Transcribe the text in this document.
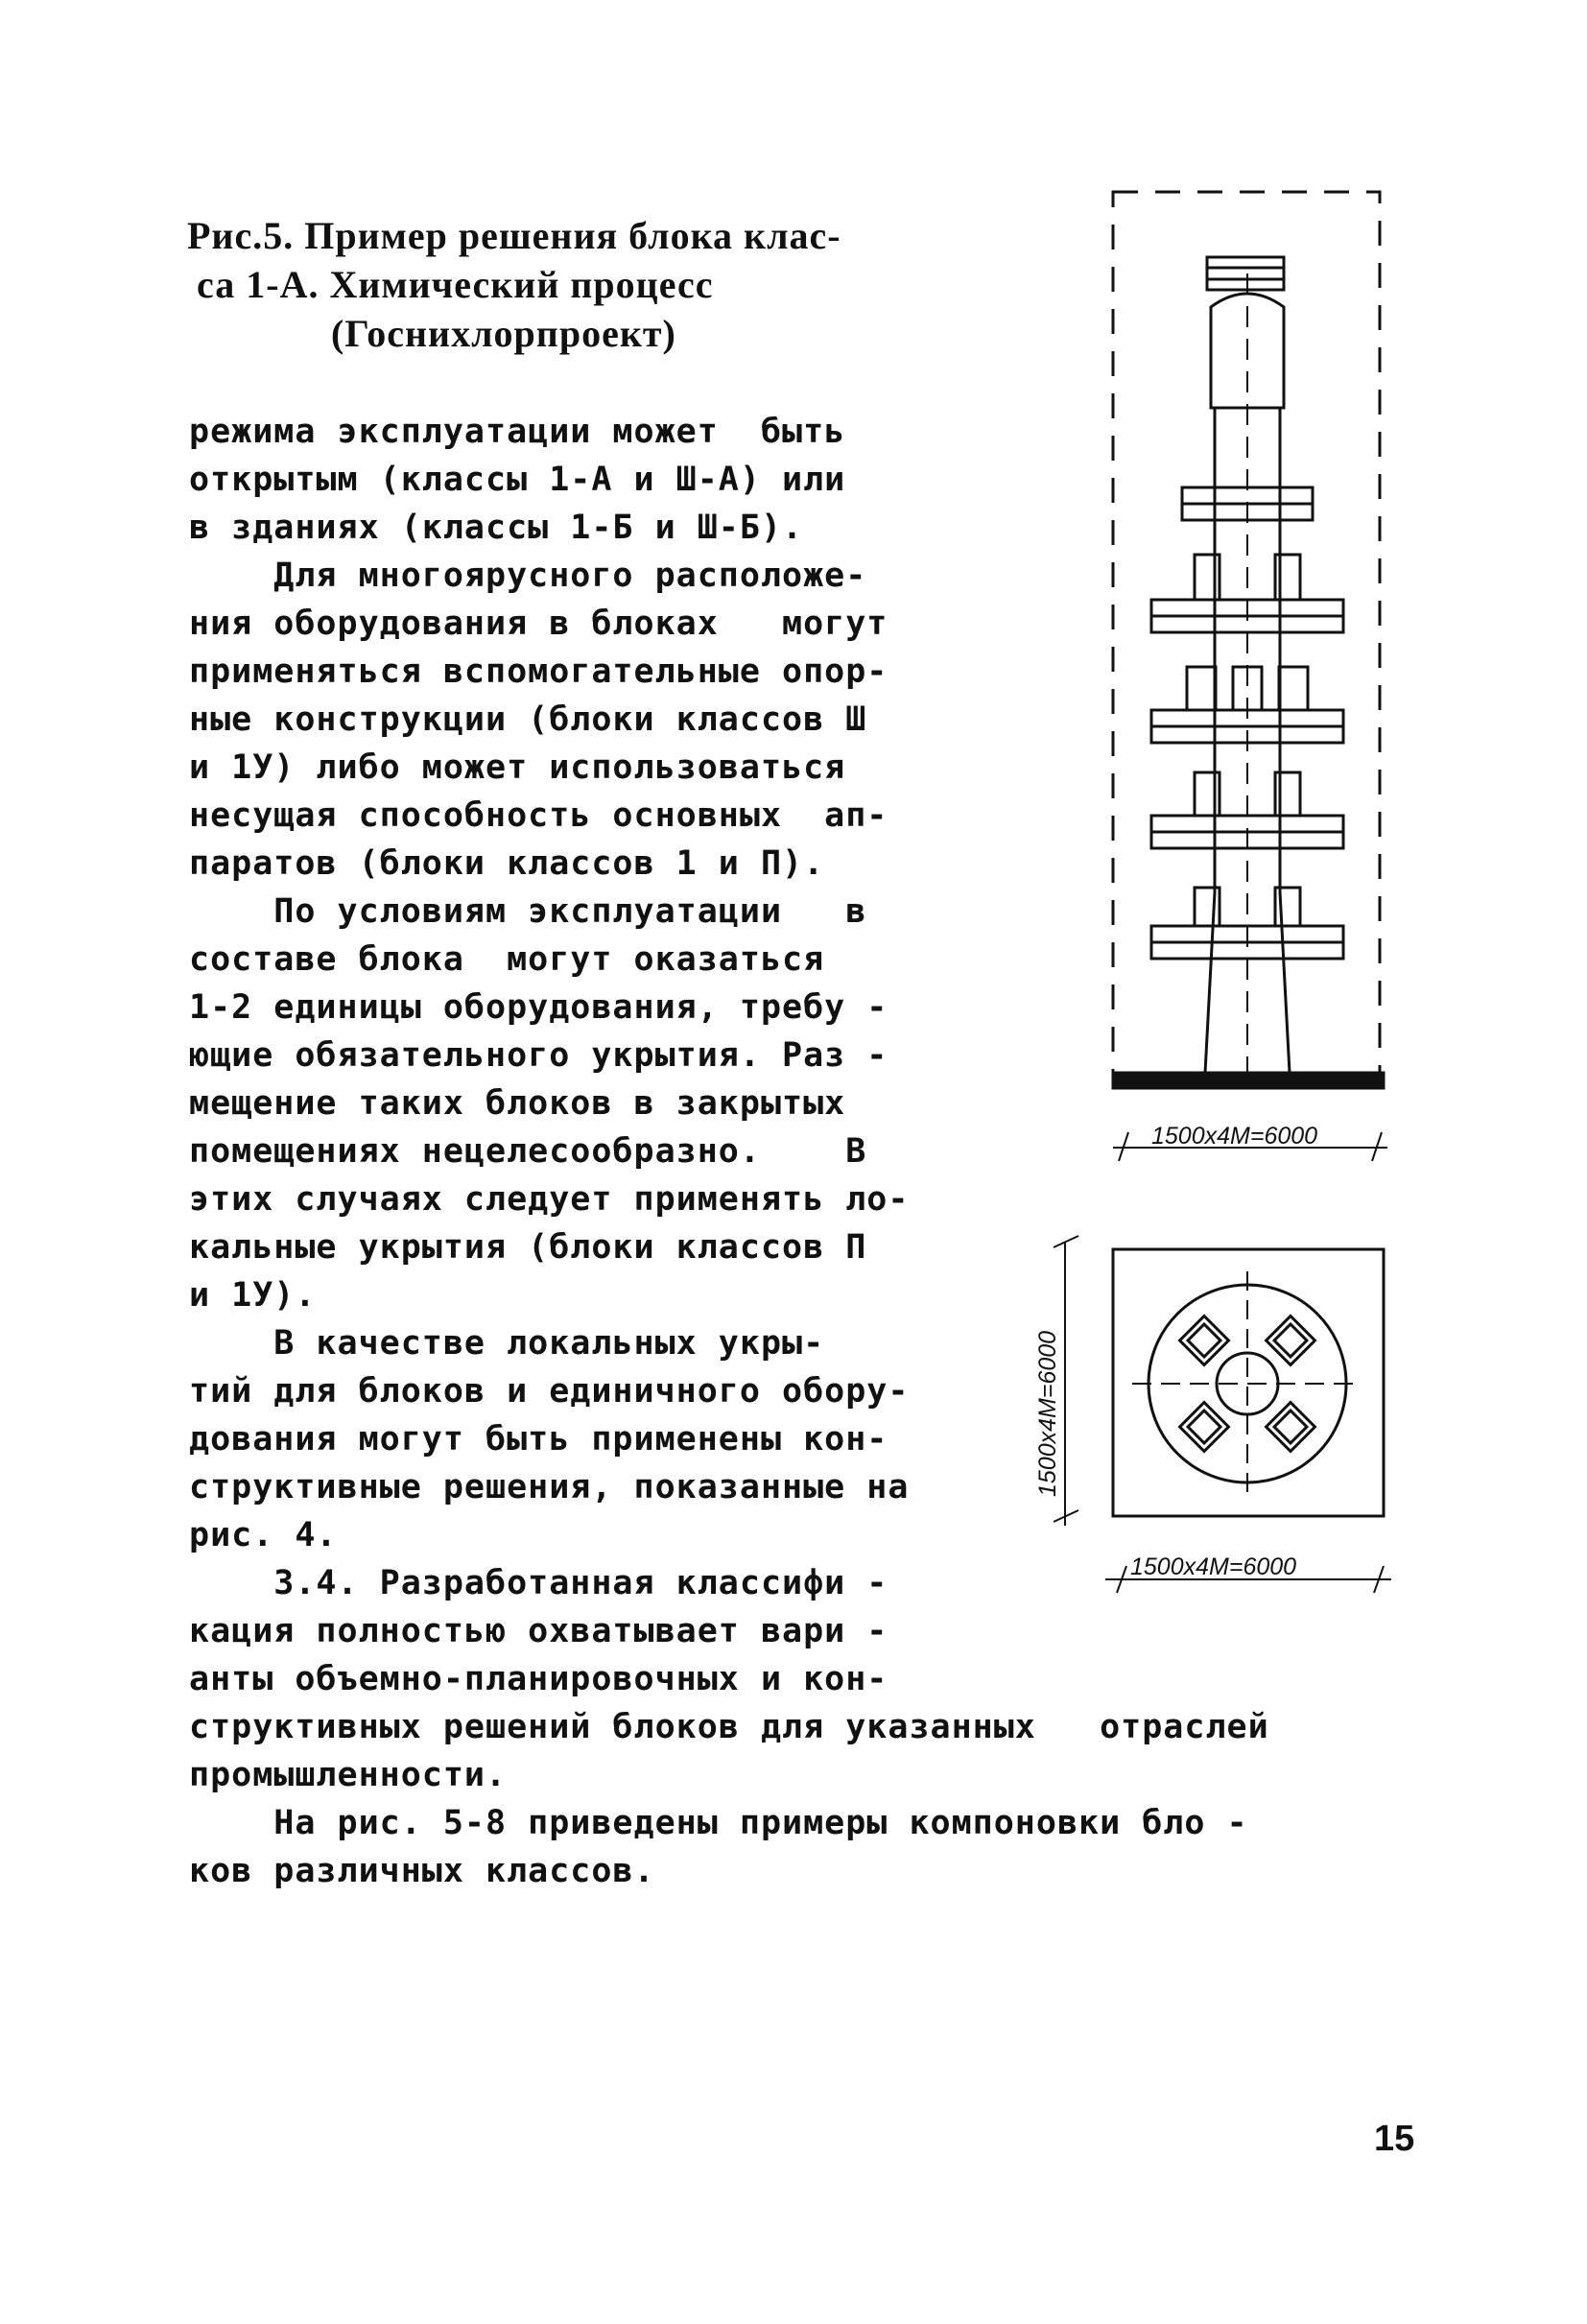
Рис.5. Пример решения блока клас-
са 1-А. Химический процесс
(Госнихлорпроект)
режима эксплуатации может  быть
открытым (классы 1-А и Ш-А) или
в зданиях (классы 1-Б и Ш-Б).
Для многоярусного расположе-
ния оборудования в блоках   могут
применяться вспомогательные опор-
ные конструкции (блоки классов Ш
и 1У) либо может использоваться
несущая способность основных  ап-
паратов (блоки классов 1 и П).
По условиям эксплуатации   в
составе блока  могут оказаться
1-2 единицы оборудования, требу -
ющие обязательного укрытия. Раз -
мещение таких блоков в закрытых
помещениях нецелесообразно.    В
этих случаях следует применять ло-
кальные укрытия (блоки классов П
и 1У).
В качестве локальных укры-
тий для блоков и единичного обору-
дования могут быть применены кон-
структивные решения, показанные на
рис. 4.
3.4. Разработанная классифи -
кация полностью охватывает вари -
анты объемно-планировочных и кон-
структивных решений блоков для указанных   отраслей
промышленности.
На рис. 5-8 приведены примеры компоновки бло -
ков различных классов.
1500x4M=6000
1500x4M=6000
1500x4M=6000
15
